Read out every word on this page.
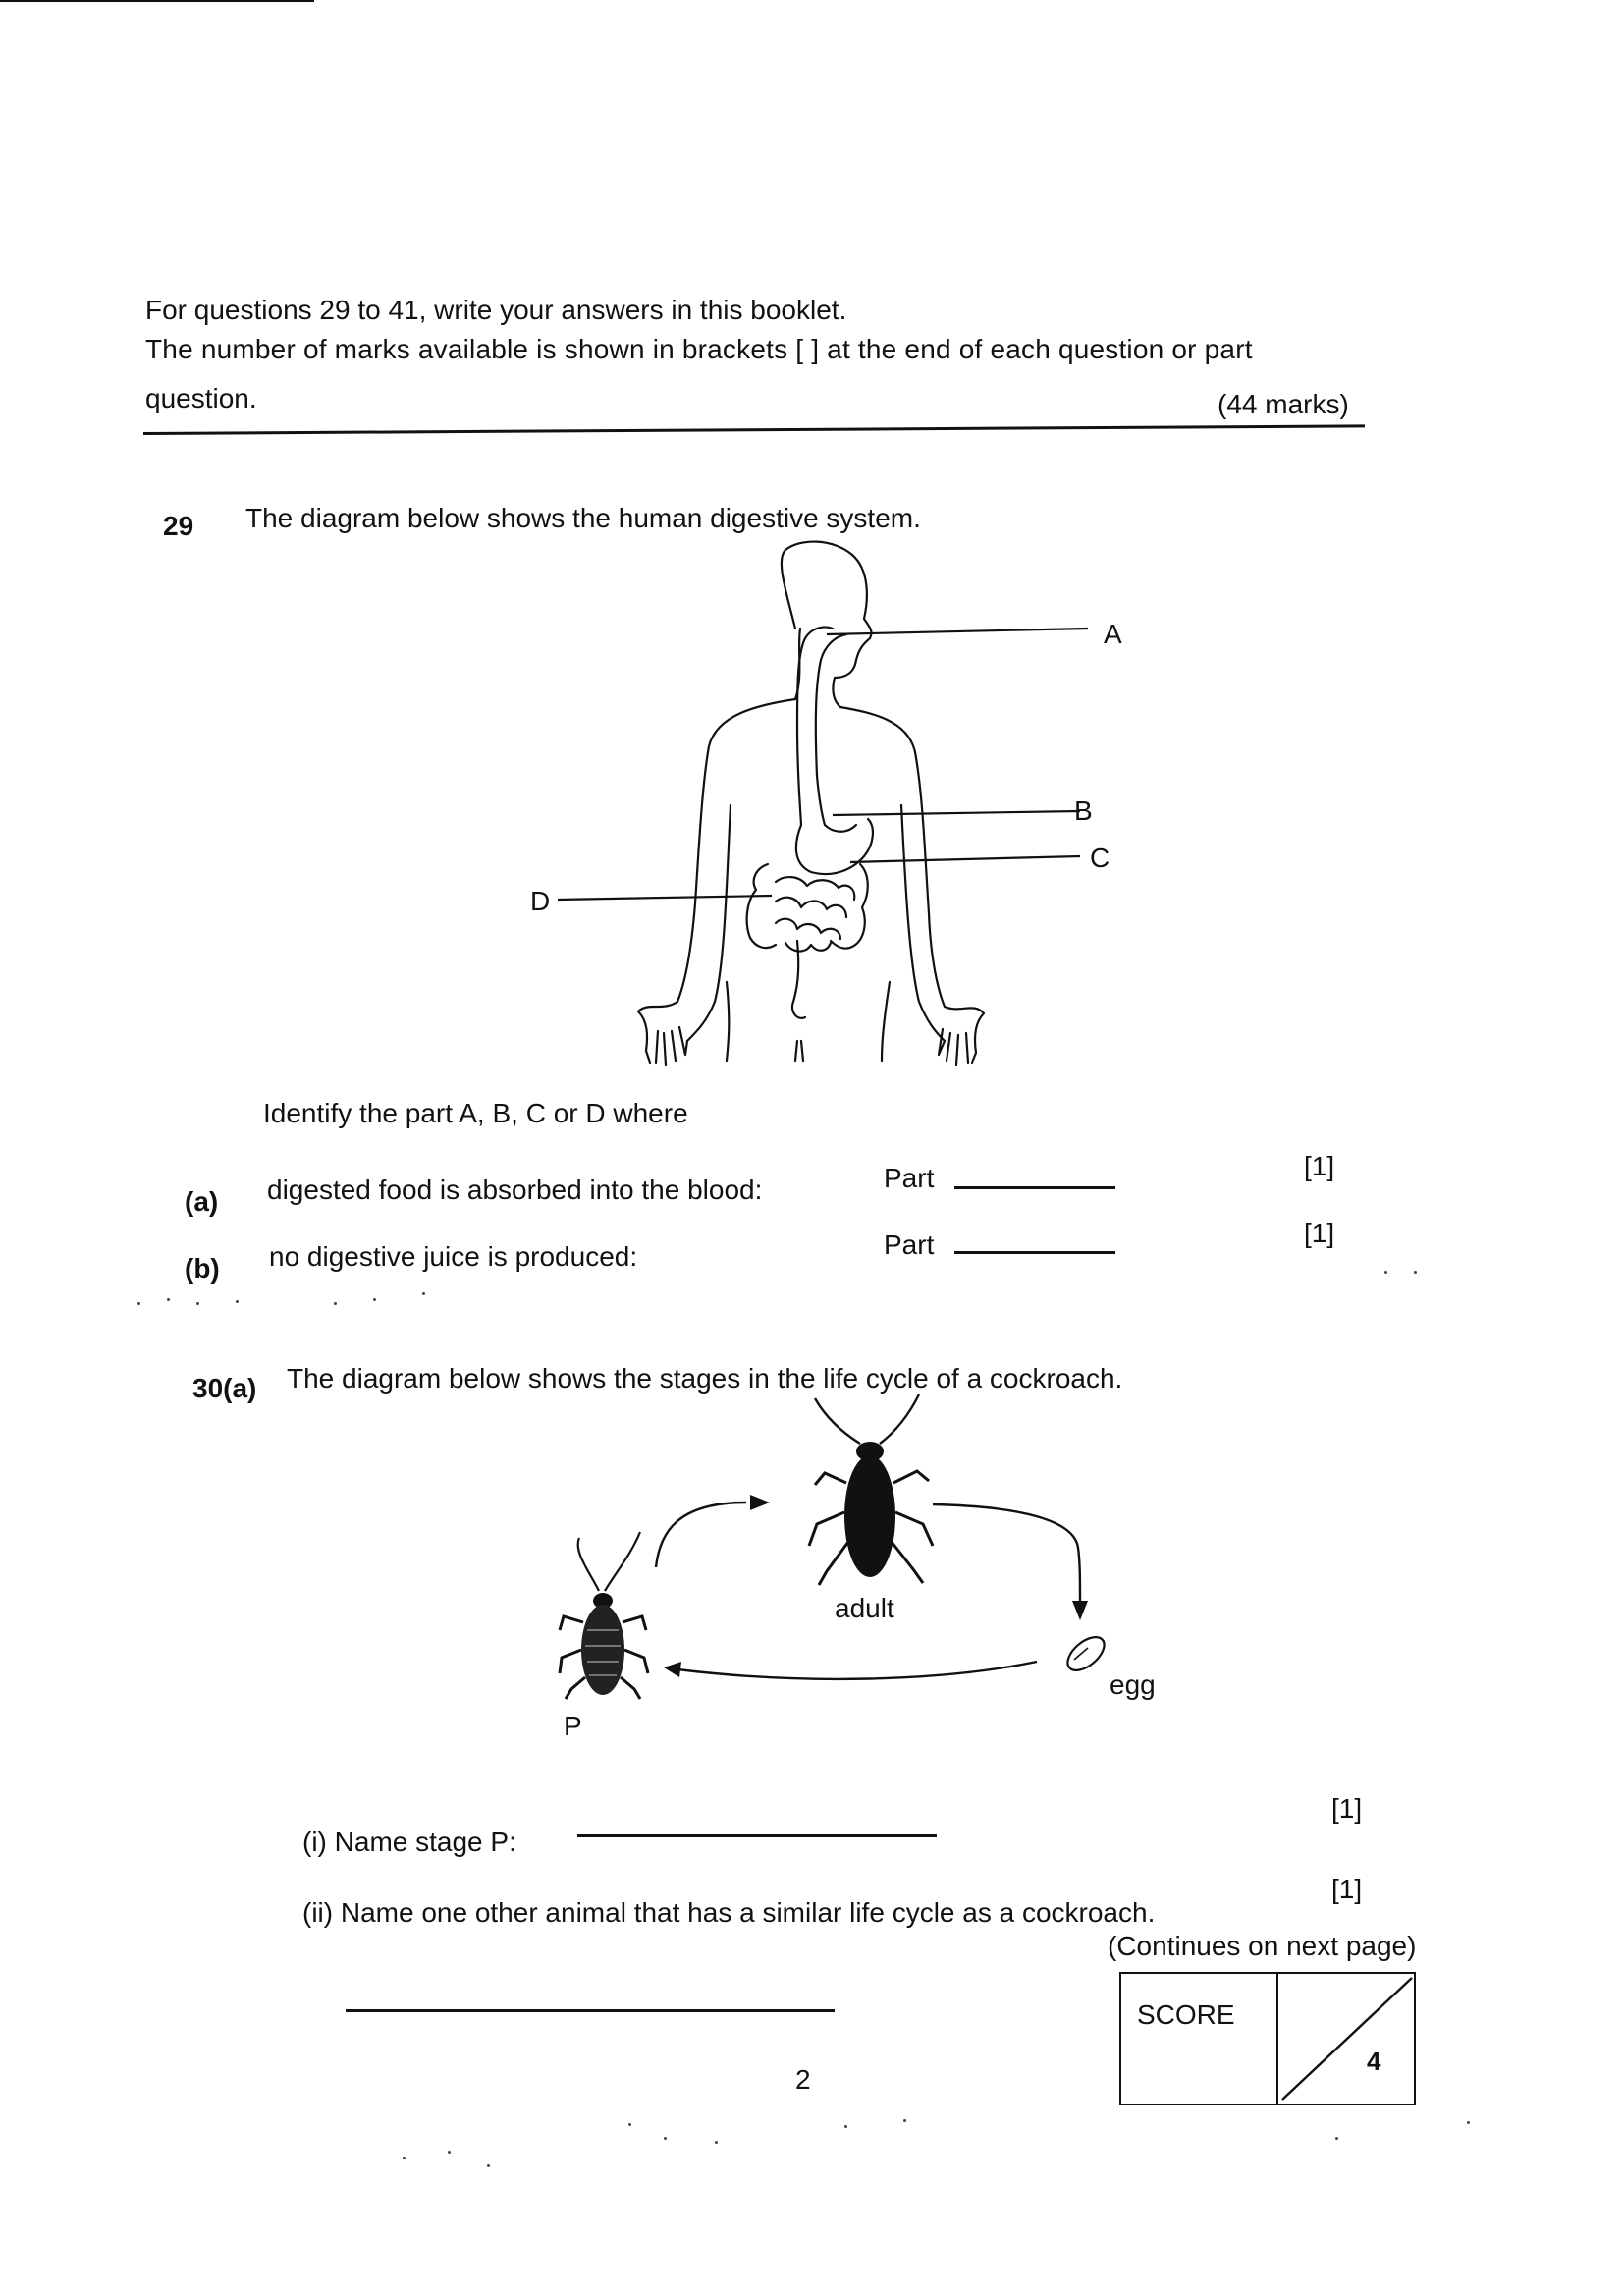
For questions 29 to 41, write your answers in this booklet.
The number of marks available is shown in brackets [ ] at the end of each question or part
question.	(44 marks)
29 The diagram below shows the human digestive system.
A
B
C
D
Identify the part A, B, C or D where
(a) digested food is absorbed into the blood:	Part	[1]
(b) no digestive juice is produced:	Part	[1]
30(a) The diagram below shows the stages in the life cycle of a cockroach.
adult
egg
P
(i) Name stage P:
[1]
(ii) Name one other animal that has a similar life cycle as a cockroach.
[1]
(Continues on next page)
2
SCORE
4
